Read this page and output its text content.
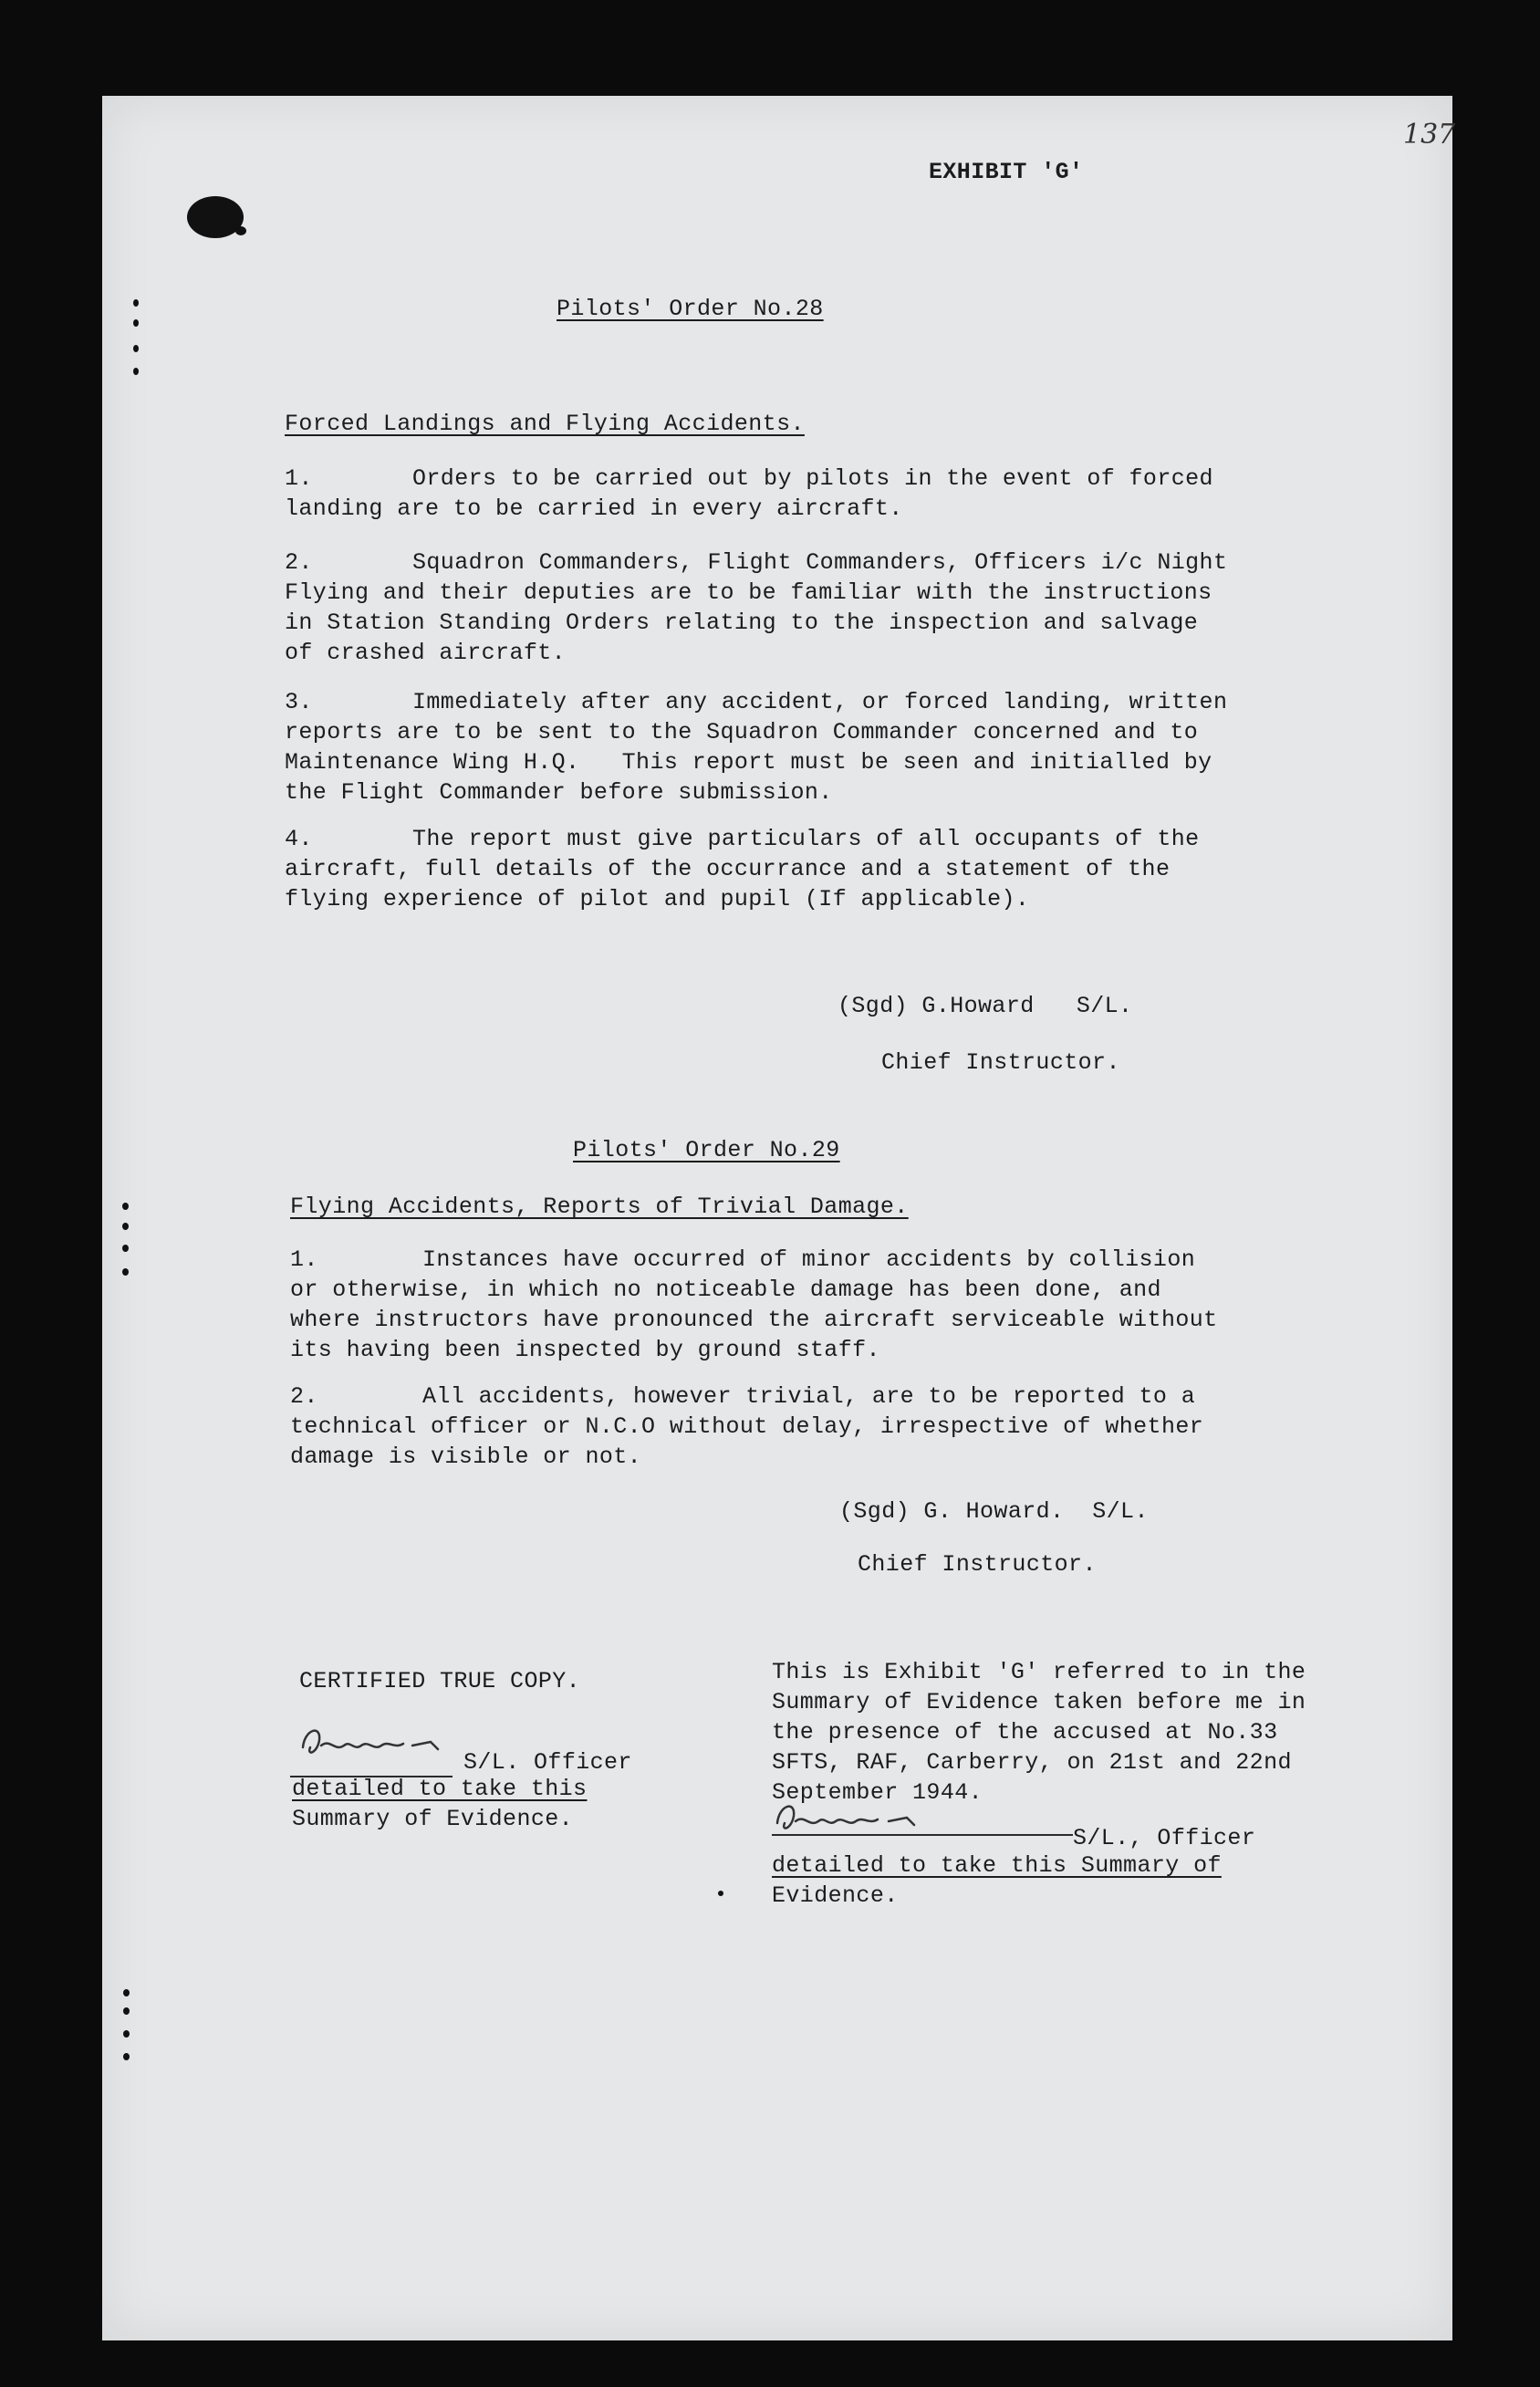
137
EXHIBIT 'G'
Pilots' Order No.28
Forced Landings and Flying Accidents.
1.	Orders to be carried out by pilots in the event of forced
landing are to be carried in every aircraft.
2.	Squadron Commanders, Flight Commanders, Officers i/c Night
Flying and their deputies are to be familiar with the instructions
in Station Standing Orders relating to the inspection and salvage
of crashed aircraft.
3.	Immediately after any accident, or forced landing, written
reports are to be sent to the Squadron Commander concerned and to
Maintenance Wing H.Q.   This report must be seen and initialled by
the Flight Commander before submission.
4.	The report must give particulars of all occupants of the
aircraft, full details of the occurrance and a statement of the
flying experience of pilot and pupil (If applicable).
(Sgd) G.Howard   S/L.
Chief Instructor.
Pilots' Order No.29
Flying Accidents, Reports of Trivial Damage.
1.	Instances have occurred of minor accidents by collision
or otherwise, in which no noticeable damage has been done, and
where instructors have pronounced the aircraft serviceable without
its having been inspected by ground staff.
2.	All accidents, however trivial, are to be reported to a
technical officer or N.C.O without delay, irrespective of whether
damage is visible or not.
(Sgd) G. Howard.  S/L.
Chief Instructor.
CERTIFIED TRUE COPY.
S/L. Officer
detailed to take this
Summary of Evidence.
This is Exhibit 'G' referred to in the
Summary of Evidence taken before me in
the presence of the accused at No.33
SFTS, RAF, Carberry, on 21st and 22nd
September 1944.
S/L., Officer
detailed to take this Summary of
Evidence.
